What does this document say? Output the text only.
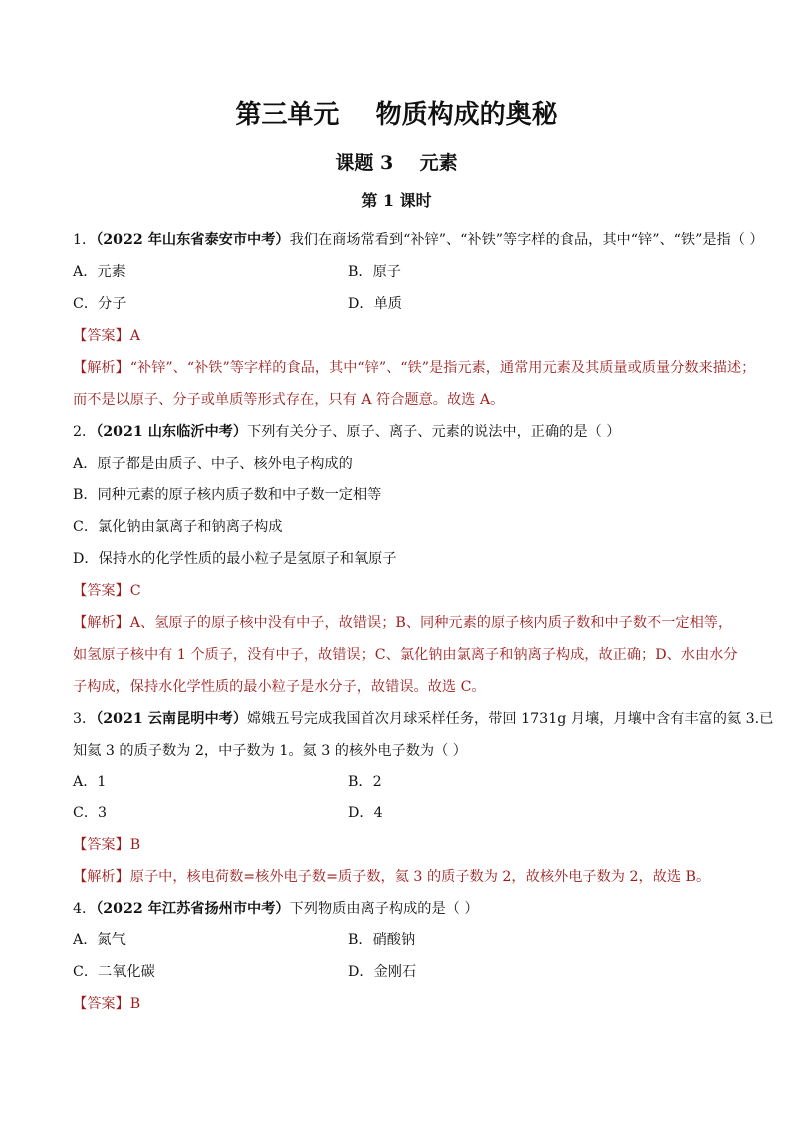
第三单元    物质构成的奥秘
课题 3    元素
第 1 课时
1．（2022 年山东省泰安市中考）我们在商场常看到“补锌”、“补铁”等字样的食品，其中“锌”、“铁”是指（ ）
A．元素	B．原子
C．分子	D．单质
【答案】A
【解析】“补锌”、“补铁”等字样的食品，其中“锌”、“铁”是指元素，通常用元素及其质量或质量分数来描述；
而不是以原子、分子或单质等形式存在，只有 A 符合题意。故选 A。
2．（2021 山东临沂中考）下列有关分子、原子、离子、元素的说法中，正确的是（ ）
A．原子都是由质子、中子、核外电子构成的
B．同种元素的原子核内质子数和中子数一定相等
C．氯化钠由氯离子和钠离子构成
D．保持水的化学性质的最小粒子是氢原子和氧原子
【答案】C
【解析】A、氢原子的原子核中没有中子，故错误；B、同种元素的原子核内质子数和中子数不一定相等，
如氢原子核中有 1 个质子，没有中子，故错误；C、氯化钠由氯离子和钠离子构成，故正确；D、水由水分
子构成，保持水化学性质的最小粒子是水分子，故错误。故选 C。
3．（2021 云南昆明中考）嫦娥五号完成我国首次月球采样任务，带回 1731g 月壤，月壤中含有丰富的氦 3.已
知氦 3 的质子数为 2，中子数为 1。氦 3 的核外电子数为（ ）
A．1	B．2
C．3	D．4
【答案】B
【解析】原子中，核电荷数=核外电子数=质子数，氦 3 的质子数为 2，故核外电子数为 2，故选 B。
4．（2022 年江苏省扬州市中考）下列物质由离子构成的是（ ）
A．氮气	B．硝酸钠
C．二氧化碳	D．金刚石
【答案】B
